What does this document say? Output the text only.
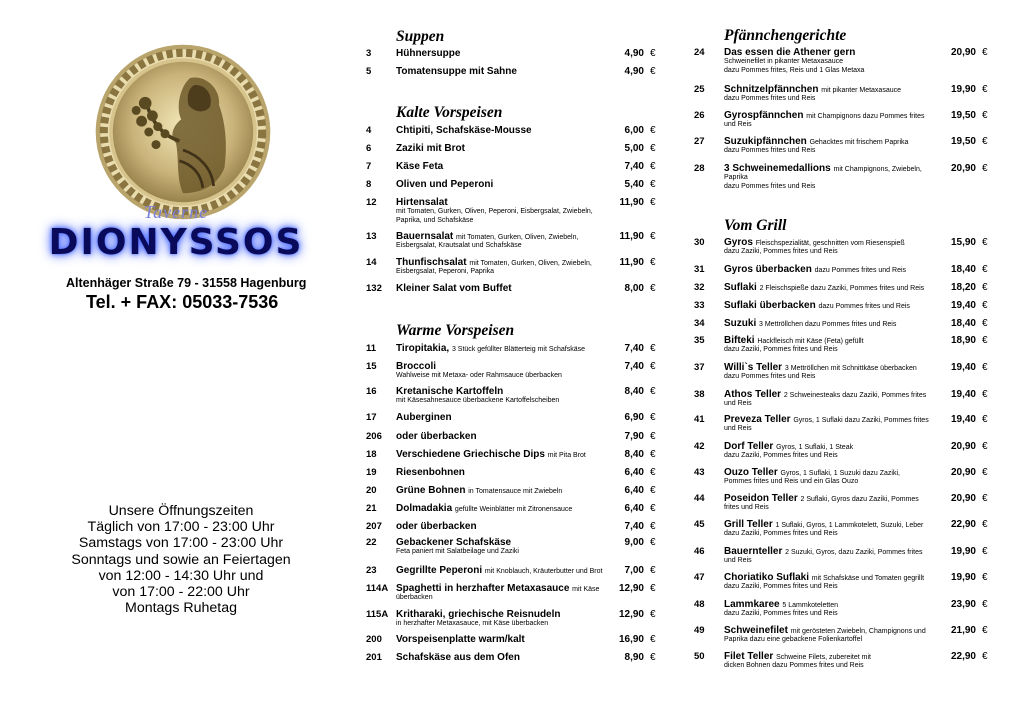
Taverne
DIONYSSOS
Altenhäger Straße 79 - 31558 Hagenburg
Tel. + FAX: 05033-7536
Unsere Öffnungszeiten
Täglich von 17:00 - 23:00 Uhr
Samstags von 17:00 - 23:00 Uhr
Sonntags und sowie an Feiertagen
von 12:00 - 14:30 Uhr und
von 17:00 - 22:00 Uhr
Montags Ruhetag
Suppen
3 Hühnersuppe	4,90 €
5 Tomatensuppe mit Sahne	4,90 €
Kalte Vorspeisen
4 Chtipiti, Schafskäse-Mousse	6,00 €
6 Zaziki mit Brot	5,00 €
7 Käse Feta	7,40 €
8 Oliven und Peperoni	5,40 €
12 Hirtensalat
mit Tomaten, Gurken, Oliven, Peperoni, Eisbergsalat, Zwiebeln, Paprika, und Schafskäse
11,90 €
13 Bauernsalat mit Tomaten, Gurken, Oliven, Zwiebeln,
Eisbergsalat, Krautsalat und Schafskäse
11,90 €
14 Thunfischsalat mit Tomaten, Gurken, Oliven, Zwiebeln,
Eisbergsalat, Peperoni, Paprika
11,90 €
132 Kleiner Salat vom Buffet	8,00 €
Warme Vorspeisen
11 Tiropitakia, 3 Stück gefüllter Blätterteig mit Schafskäse	7,40 €
15 Broccoli
Wahlweise mit Metaxa- oder Rahmsauce überbacken
7,40 €
16 Kretanische Kartoffeln
mit Käsesahnesauce überbackene Kartoffelscheiben
8,40 €
17 Auberginen	6,90 €
206 oder überbacken	7,90 €
18 Verschiedene Griechische Dips mit Pita Brot	8,40 €
19 Riesenbohnen	6,40 €
20 Grüne Bohnen in Tomatensauce mit Zwiebeln	6,40 €
21 Dolmadakia gefüllte Weinblätter mit Zitronensauce	6,40 €
207 oder überbacken	7,40 €
22 Gebackener Schafskäse
Feta paniert mit Salatbeilage und Zaziki
9,00 €
23 Gegrillte Peperoni mit Knoblauch, Kräuterbutter und Brot	7,00 €
114A Spaghetti in herzhafter Metaxasauce mit Käse
überbacken
12,90 €
115A Kritharaki, griechische Reisnudeln
in herzhafter Metaxasauce, mit Käse überbacken
12,90 €
200 Vorspeisenplatte warm/kalt	16,90 €
201 Schafskäse aus dem Ofen	8,90 €
Pfännchengerichte
24 Das essen die Athener gern
Schweinefilet in pikanter Metaxasauce
dazu Pommes frites, Reis und 1 Glas Metaxa
20,90 €
25 Schnitzelpfännchen mit pikanter Metaxasauce
dazu Pommes frites und Reis
19,90 €
26 Gyrospfännchen mit Champignons dazu Pommes frites
und Reis
19,50 €
27 Suzukipfännchen Gehacktes mit frischem Paprika
dazu Pommes frites und Reis
19,50 €
28 3 Schweinemedallions mit Champignons, Zwiebeln,
Paprika
dazu Pommes frites und Reis
20,90 €
Vom Grill
30 Gyros Fleischspezialität, geschnitten vom Riesenspieß
dazu Zaziki, Pommes frites und Reis
15,90 €
31 Gyros überbacken dazu Pommes frites und Reis	18,40 €
32 Suflaki 2 Fleischspieße dazu Zaziki, Pommes frites und Reis	18,20 €
33 Suflaki überbacken dazu Pommes frites und Reis	19,40 €
34 Suzuki 3 Mettröllchen dazu Pommes frites und Reis	18,40 €
35 Bifteki Hackfleisch mit Käse (Feta) gefüllt
dazu Zaziki, Pommes frites und Reis
18,90 €
37 Willi`s Teller 3 Mettröllchen mit Schnittkäse überbacken
dazu Pommes frites und Reis
19,40 €
38 Athos Teller 2 Schweinesteaks dazu Zaziki, Pommes frites
und Reis
19,40 €
41 Preveza Teller Gyros, 1 Suflaki dazu Zaziki, Pommes frites
und Reis
19,40 €
42 Dorf Teller Gyros, 1 Suflaki, 1 Steak
dazu Zaziki, Pommes frites und Reis
20,90 €
43 Ouzo Teller Gyros, 1 Suflaki, 1 Suzuki dazu Zaziki,
Pommes frites und Reis und ein Glas Ouzo
20,90 €
44 Poseidon Teller 2 Suflaki, Gyros dazu Zaziki, Pommes
frites und Reis
20,90 €
45 Grill Teller 1 Suflaki, Gyros, 1 Lammkotelett, Suzuki, Leber
dazu Zaziki, Pommes frites und Reis
22,90 €
46 Bauernteller 2 Suzuki, Gyros, dazu Zaziki, Pommes frites
und Reis
19,90 €
47 Choriatiko Suflaki mit Schafskäse und Tomaten gegrillt
dazu Zaziki, Pommes frites und Reis
19,90 €
48 Lammkaree 5 Lammkoteletten
dazu Zaziki, Pommes frites und Reis
23,90 €
49 Schweinefilet mit gerösteten Zwiebeln, Champignons und
Paprika dazu eine gebackene Folienkartoffel
21,90 €
50 Filet Teller Schweine Filets, zubereitet mit
dicken Bohnen dazu Pommes frites und Reis
22,90 €
